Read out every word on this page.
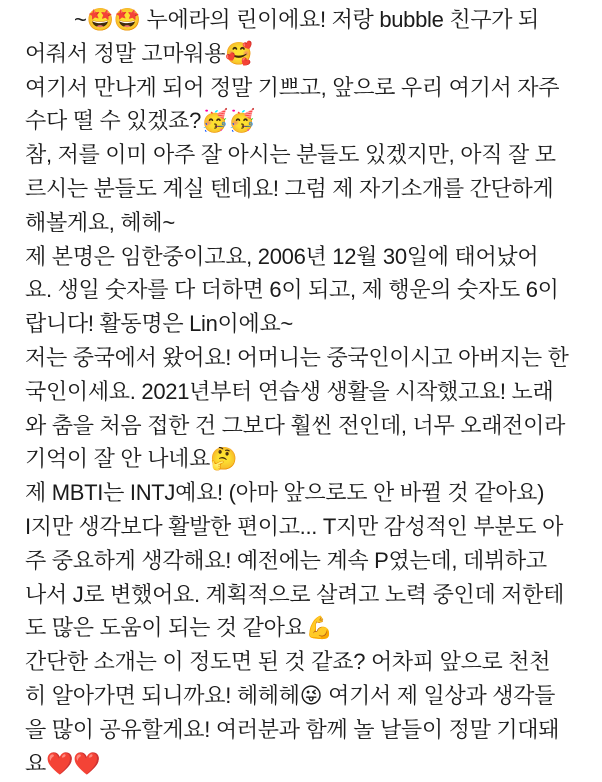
~🤩🤩 누에라의 린이에요! 저랑 bubble 친구가 되
어줘서 정말 고마워용🥰
여기서 만나게 되어 정말 기쁘고, 앞으로 우리 여기서 자주
수다 떨 수 있겠죠?🥳🥳
참, 저를 이미 아주 잘 아시는 분들도 있겠지만, 아직 잘 모
르시는 분들도 계실 텐데요! 그럼 제 자기소개를 간단하게
해볼게요, 헤헤~
제 본명은 임한중이고요, 2006년 12월 30일에 태어났어
요. 생일 숫자를 다 더하면 6이 되고, 제 행운의 숫자도 6이
랍니다! 활동명은 Lin이에요~
저는 중국에서 왔어요! 어머니는 중국인이시고 아버지는 한
국인이세요. 2021년부터 연습생 생활을 시작했고요! 노래
와 춤을 처음 접한 건 그보다 훨씬 전인데, 너무 오래전이라
기억이 잘 안 나네요🤔
제 MBTI는 INTJ예요! (아마 앞으로도 안 바뀔 것 같아요)
I지만 생각보다 활발한 편이고... T지만 감성적인 부분도 아
주 중요하게 생각해요! 예전에는 계속 P였는데, 데뷔하고
나서 J로 변했어요. 계획적으로 살려고 노력 중인데 저한테
도 많은 도움이 되는 것 같아요💪
간단한 소개는 이 정도면 된 것 같죠? 어차피 앞으로 천천
히 알아가면 되니까요! 헤헤헤😜 여기서 제 일상과 생각들
을 많이 공유할게요! 여러분과 함께 놀 날들이 정말 기대돼
요❤️❤️
